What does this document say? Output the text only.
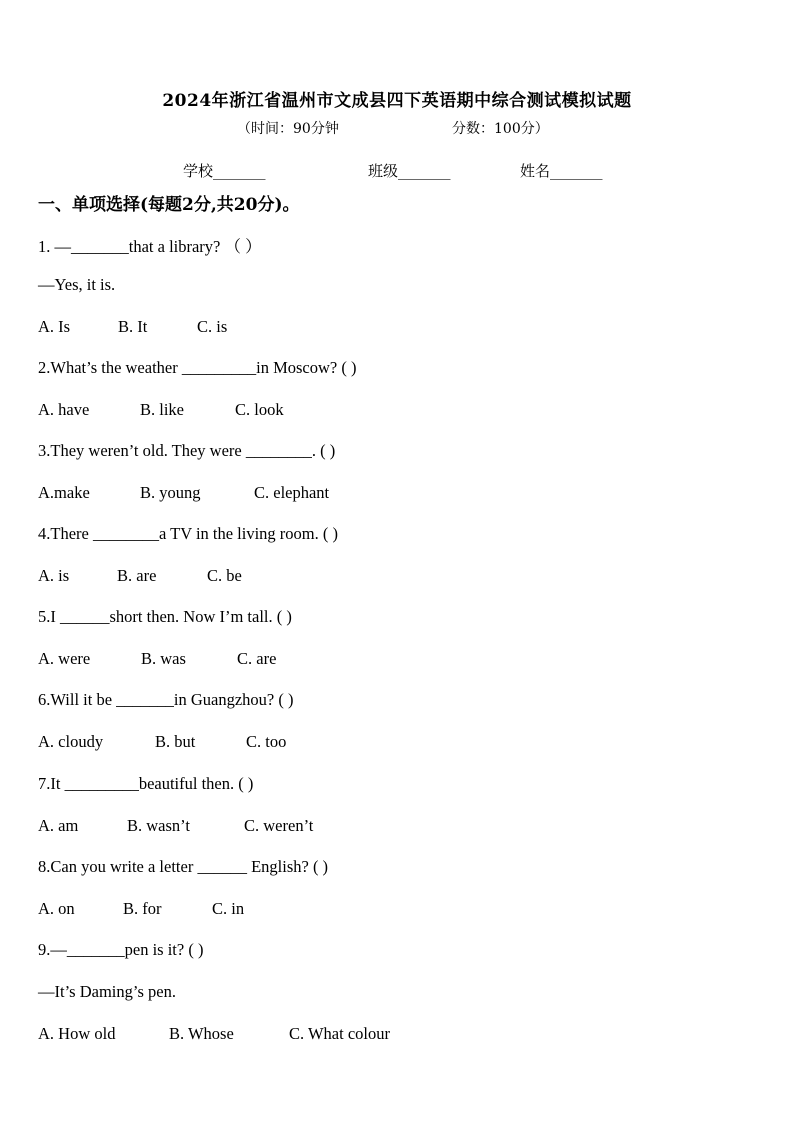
2024年浙江省温州市文成县四下英语期中综合测试模拟试题
（时间：90分钟	分数：100分）
学校_______	班级_______	姓名_______
一、单项选择(每题2分,共20分)。
1. —_______that a library? （ ）
—Yes, it is.
A. Is	B. It	C. is
2.What’s the weather _________in Moscow? ( )
A. have	B. like	C. look
3.They weren’t old. They were ________. ( )
A.make	B. young	C. elephant
4.There ________a TV in the living room. ( )
A. is	B. are	C. be
5.I ______short then. Now I’m tall. ( )
A. were	B. was	C. are
6.Will it be _______in Guangzhou? ( )
A. cloudy	B. but	C. too
7.It _________beautiful then. ( )
A. am	B. wasn’t	C. weren’t
8.Can you write a letter ______ English? ( )
A. on	B. for	C. in
9.—_______pen is it? ( )
—It’s Daming’s pen.
A. How old	B. Whose	C. What colour
